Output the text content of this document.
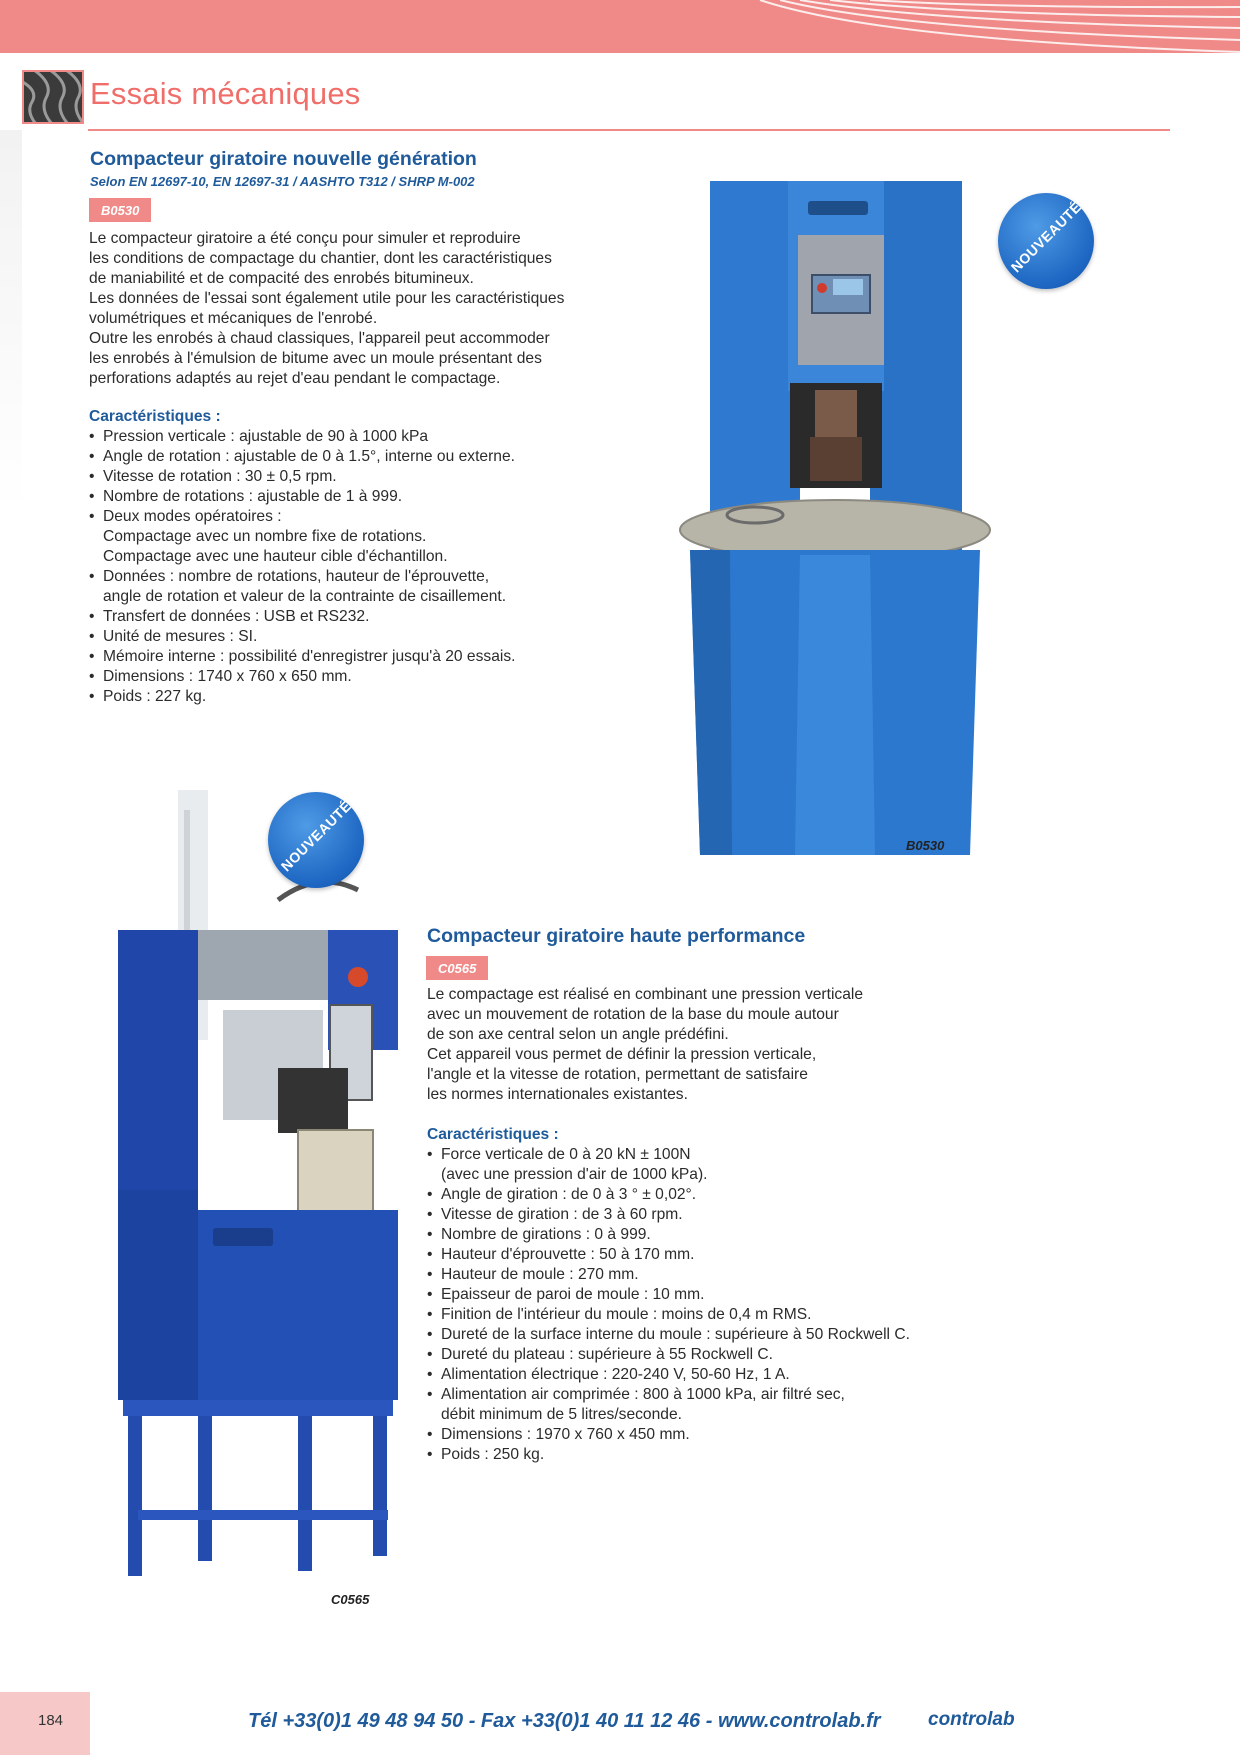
Essais mécaniques
Compacteur giratoire nouvelle génération
Selon EN 12697-10, EN 12697-31 / AASHTO T312 / SHRP M-002
B0530

Le compacteur giratoire a été conçu pour simuler et reproduire

les conditions de compactage du chantier, dont les caractéristiques

de maniabilité et de compacité des enrobés bitumineux.

Les données de l'essai sont également utile pour les caractéristiques

volumétriques et mécaniques de l'enrobé.

Outre les enrobés à chaud classiques, l'appareil peut accommoder

les enrobés à l'émulsion de bitume avec un moule présentant des

perforations adaptés au rejet d'eau pendant le compactage.

Caractéristiques :
• Pression verticale : ajustable de 90 à 1000 kPa
• Angle de rotation : ajustable de 0 à 1.5°, interne ou externe.
• Vitesse de rotation : 30 ± 0,5 rpm.
• Nombre de rotations : ajustable de 1 à 999.
• Deux modes opératoires :
Compactage avec un nombre fixe de rotations.
Compactage avec une hauteur cible d'échantillon.
• Données : nombre de rotations, hauteur de l'éprouvette,
angle de rotation et valeur de la contrainte de cisaillement.
• Transfert de données : USB et RS232.
• Unité de mesures : SI.
• Mémoire interne : possibilité d'enregistrer jusqu'à 20 essais.
• Dimensions : 1740 x 760 x 650 mm.
• Poids : 227 kg.
NOUVEAUTÉ
B0530
NOUVEAUTÉ
C0565
Compacteur giratoire haute performance
C0565

Le compactage est réalisé en combinant une pression verticale

avec un mouvement de rotation de la base du moule autour

de son axe central selon un angle prédéfini.

Cet appareil vous permet de définir la pression verticale,

l'angle et la vitesse de rotation, permettant de satisfaire

les normes internationales existantes.

Caractéristiques :
• Force verticale de 0 à 20 kN ± 100N
(avec une pression d'air de 1000 kPa).
• Angle de giration : de 0 à 3 ° ± 0,02°.
• Vitesse de giration : de 3 à 60 rpm.
• Nombre de girations : 0 à 999.
• Hauteur d'éprouvette : 50 à 170 mm.
• Hauteur de moule : 270 mm.
• Epaisseur de paroi de moule : 10 mm.
• Finition de l'intérieur du moule : moins de 0,4 m RMS.
• Dureté de la surface interne du moule : supérieure à 50 Rockwell C.
• Dureté du plateau : supérieure à 55 Rockwell C.
• Alimentation électrique : 220-240 V, 50-60 Hz, 1 A.
• Alimentation air comprimée : 800 à 1000 kPa, air filtré sec,
débit minimum de 5 litres/seconde.
• Dimensions : 1970 x 760 x 450 mm.
• Poids : 250 kg.
184	Tél +33(0)1 49 48 94 50 - Fax +33(0)1 40 11 12 46 - www.controlab.fr controlab
